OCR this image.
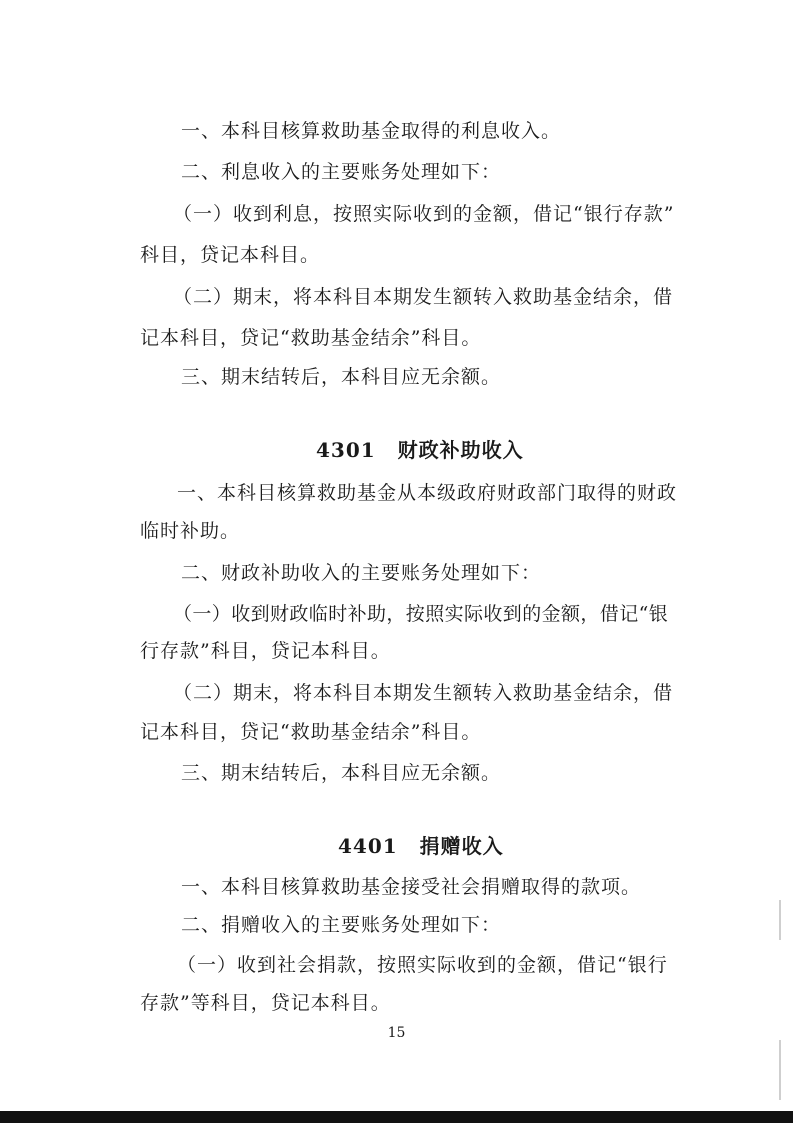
一、本科目核算救助基金取得的利息收入。
二、利息收入的主要账务处理如下：
（一）收到利息，按照实际收到的金额，借记“银行存款”
科目，贷记本科目。
（二）期末，将本科目本期发生额转入救助基金结余，借
记本科目，贷记“救助基金结余”科目。
三、期末结转后，本科目应无余额。
4301 财政补助收入
一、本科目核算救助基金从本级政府财政部门取得的财政
临时补助。
二、财政补助收入的主要账务处理如下：
（一）收到财政临时补助，按照实际收到的金额，借记“银
行存款”科目，贷记本科目。
（二）期末，将本科目本期发生额转入救助基金结余，借
记本科目，贷记“救助基金结余”科目。
三、期末结转后，本科目应无余额。
4401 捐赠收入
一、本科目核算救助基金接受社会捐赠取得的款项。
二、捐赠收入的主要账务处理如下：
（一）收到社会捐款，按照实际收到的金额，借记“银行
存款”等科目，贷记本科目。
15
